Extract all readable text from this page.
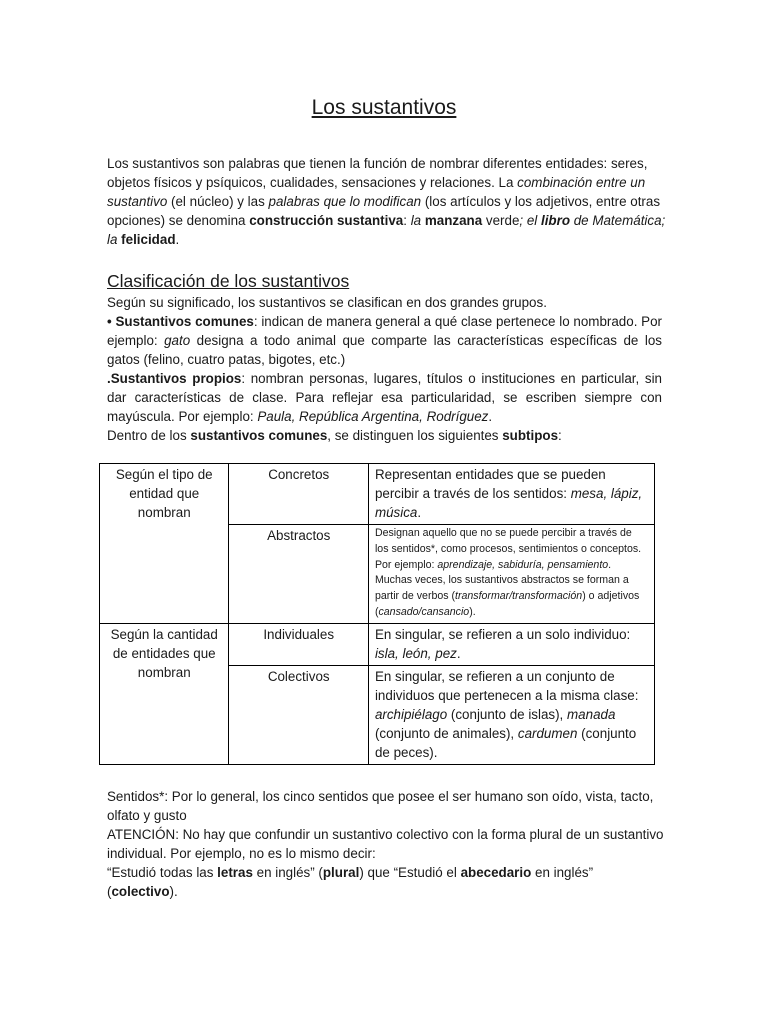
Los sustantivos

Los sustantivos son palabras que tienen la función de nombrar diferentes entidades: seres, objetos físicos y psíquicos, cualidades, sensaciones y relaciones. La combinación entre un sustantivo (el núcleo) y las palabras que lo modifican (los artículos y los adjetivos, entre otras opciones) se denomina construcción sustantiva: la manzana verde; el libro de Matemática; la felicidad.

Clasificación de los sustantivos

Según su significado, los sustantivos se clasifican en dos grandes grupos.

• Sustantivos comunes: indican de manera general a qué clase pertenece lo nombrado. Por ejemplo: gato designa a todo animal que comparte las características específicas de los gatos (felino, cuatro patas, bigotes, etc.)

.Sustantivos propios: nombran personas, lugares, títulos o instituciones en particular, sin dar características de clase. Para reflejar esa particularidad, se escriben siempre con mayúscula. Por ejemplo: Paula, República Argentina, Rodríguez.

Dentro de los sustantivos comunes, se distinguen los siguientes subtipos:

Según el tipo de entidad que nombran	Concretos	Representan entidades que se pueden percibir a través de los sentidos: mesa, lápiz, música.
	Abstractos	Designan aquello que no se puede percibir a través de los sentidos*, como procesos, sentimientos o conceptos. Por ejemplo: aprendizaje, sabiduría, pensamiento. Muchas veces, los sustantivos abstractos se forman a partir de verbos (transformar/transformación) o adjetivos (cansado/cansancio).
Según la cantidad de entidades que nombran	Individuales	En singular, se refieren a un solo individuo: isla, león, pez.
	Colectivos	En singular, se refieren a un conjunto de individuos que pertenecen a la misma clase: archipiélago (conjunto de islas), manada (conjunto de animales), cardumen (conjunto de peces).

Sentidos*: Por lo general, los cinco sentidos que posee el ser humano son oído, vista, tacto, olfato y gusto

ATENCIÓN: No hay que confundir un sustantivo colectivo con la forma plural de un sustantivo individual. Por ejemplo, no es lo mismo decir:

“Estudió todas las letras en inglés” (plural) que “Estudió el abecedario en inglés” (colectivo).
